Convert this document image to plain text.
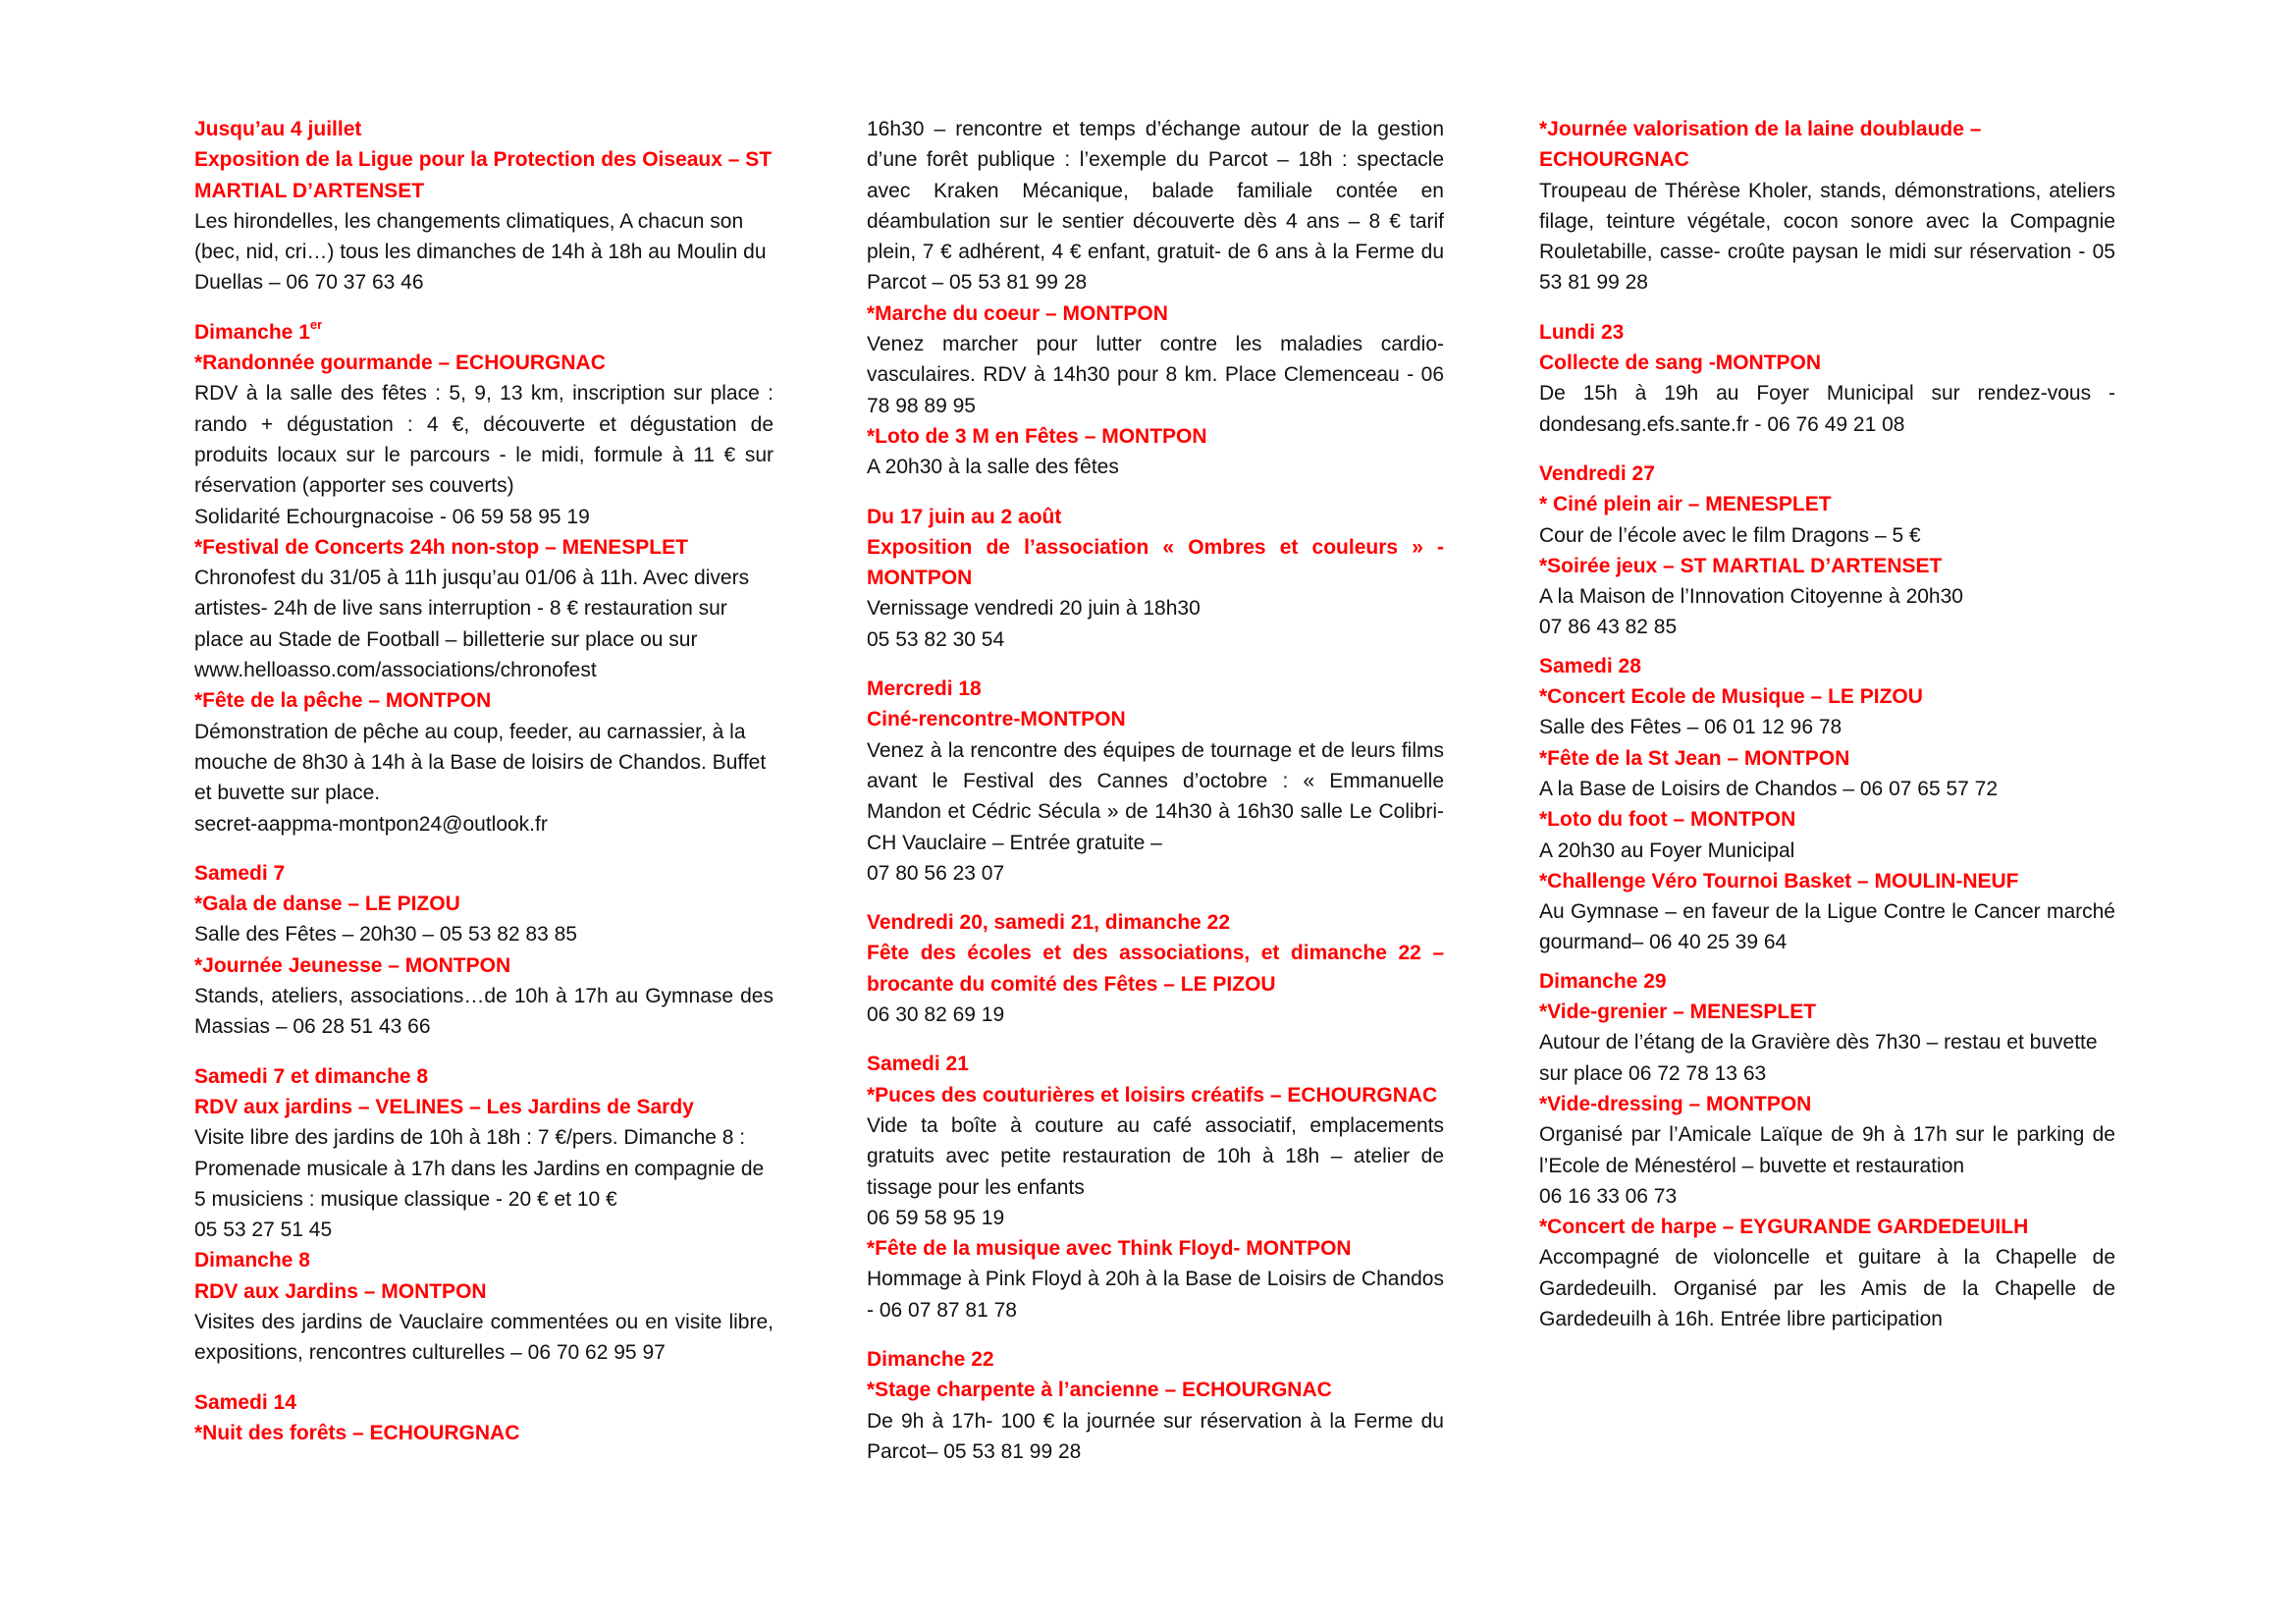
Jusqu’au 4 juillet
Exposition de la Ligue pour la Protection des Oiseaux – ST
MARTIAL D’ARTENSET
Les hirondelles, les changements climatiques, A chacun son
(bec, nid, cri…) tous les dimanches de 14h à 18h au Moulin du
Duellas – 06 70 37 63 46
Dimanche 1er
*Randonnée gourmande – ECHOURGNAC
RDV à la salle des fêtes : 5, 9, 13 km, inscription sur place : rando + dégustation : 4 €, découverte et dégustation de produits locaux sur le parcours - le midi, formule à 11 € sur réservation (apporter ses couverts)
Solidarité Echourgnacoise - 06 59 58 95 19
*Festival de Concerts 24h non-stop – MENESPLET
Chronofest du 31/05 à 11h jusqu’au 01/06 à 11h. Avec divers artistes- 24h de live sans interruption - 8 € restauration sur place au Stade de Football – billetterie sur place ou sur www.helloasso.com/associations/chronofest
*Fête de la pêche – MONTPON
Démonstration de pêche au coup, feeder, au carnassier, à la
mouche de 8h30 à 14h à la Base de loisirs de Chandos. Buffet
et buvette sur place.
secret-aappma-montpon24@outlook.fr
Samedi 7
*Gala de danse – LE PIZOU
Salle des Fêtes – 20h30 – 05 53 82 83 85
*Journée Jeunesse – MONTPON
Stands, ateliers, associations…de 10h à 17h au Gymnase des Massias – 06 28 51 43 66
Samedi 7 et dimanche 8
RDV aux jardins – VELINES – Les Jardins de Sardy
Visite libre des jardins de 10h à 18h : 7 €/pers. Dimanche 8 :
Promenade musicale à 17h dans les Jardins en compagnie de
5 musiciens : musique classique - 20 € et 10 €
05 53 27 51 45
Dimanche 8
RDV aux Jardins – MONTPON
Visites des jardins de Vauclaire commentées ou en visite libre, expositions, rencontres culturelles – 06 70 62 95 97
Samedi 14
*Nuit des forêts – ECHOURGNAC
16h30 – rencontre et temps d’échange autour de la gestion d’une forêt publique : l’exemple du Parcot – 18h : spectacle avec Kraken Mécanique, balade familiale contée en déambulation sur le sentier découverte dès 4 ans – 8 € tarif plein, 7 € adhérent, 4 € enfant, gratuit- de 6 ans à la Ferme du Parcot – 05 53 81 99 28
*Marche du coeur – MONTPON
Venez marcher pour lutter contre les maladies cardio-vasculaires. RDV à 14h30 pour 8 km. Place Clemenceau - 06 78 98 89 95
*Loto de 3 M en Fêtes – MONTPON
A 20h30 à la salle des fêtes
Du 17 juin au 2 août
Exposition de l’association « Ombres et couleurs » - MONTPON
Vernissage vendredi 20 juin à 18h30
05 53 82 30 54
Mercredi 18
Ciné-rencontre-MONTPON
Venez à la rencontre des équipes de tournage et de leurs films avant le Festival des Cannes d’octobre : « Emmanuelle Mandon et Cédric Sécula » de 14h30 à 16h30 salle Le Colibri-CH Vauclaire – Entrée gratuite –
07 80 56 23 07
Vendredi 20, samedi 21, dimanche 22
Fête des écoles et des associations, et dimanche 22 – brocante du comité des Fêtes – LE PIZOU
06 30 82 69 19
Samedi 21
*Puces des couturières et loisirs créatifs – ECHOURGNAC
Vide ta boîte à couture au café associatif, emplacements gratuits avec petite restauration de 10h à 18h – atelier de tissage pour les enfants
06 59 58 95 19
*Fête de la musique avec Think Floyd- MONTPON
Hommage à Pink Floyd à 20h à la Base de Loisirs de Chandos - 06 07 87 81 78
Dimanche 22
*Stage charpente à l’ancienne – ECHOURGNAC
De 9h à 17h- 100 € la journée sur réservation à la Ferme du Parcot– 05 53 81 99 28
*Journée valorisation de la laine doublaude – ECHOURGNAC
Troupeau de Thérèse Kholer, stands, démonstrations, ateliers filage, teinture végétale, cocon sonore avec la Compagnie Rouletabille, casse- croûte paysan le midi sur réservation - 05 53 81 99 28
Lundi 23
Collecte de sang -MONTPON
De 15h à 19h au Foyer Municipal sur rendez-vous - dondesang.efs.sante.fr - 06 76 49 21 08
Vendredi 27
* Ciné plein air – MENESPLET
Cour de l’école avec le film Dragons – 5 €
*Soirée jeux – ST MARTIAL D’ARTENSET
A la Maison de l’Innovation Citoyenne à 20h30
07 86 43 82 85
Samedi 28
*Concert Ecole de Musique – LE PIZOU
Salle des Fêtes – 06 01 12 96 78
*Fête de la St Jean – MONTPON
A la Base de Loisirs de Chandos – 06 07 65 57 72
*Loto du foot – MONTPON
A 20h30 au Foyer Municipal
*Challenge Véro Tournoi Basket – MOULIN-NEUF
Au Gymnase – en faveur de la Ligue Contre le Cancer marché gourmand– 06 40 25 39 64
Dimanche 29
*Vide-grenier – MENESPLET
Autour de l’étang de la Gravière dès 7h30 – restau et buvette sur place 06 72 78 13 63
*Vide-dressing – MONTPON
Organisé par l’Amicale Laïque de 9h à 17h sur le parking de l’Ecole de Ménestérol – buvette et restauration
06 16 33 06 73
*Concert de harpe – EYGURANDE GARDEDEUILH
Accompagné de violoncelle et guitare à la Chapelle de Gardedeuilh. Organisé par les Amis de la Chapelle de Gardedeuilh à 16h. Entrée libre participation
